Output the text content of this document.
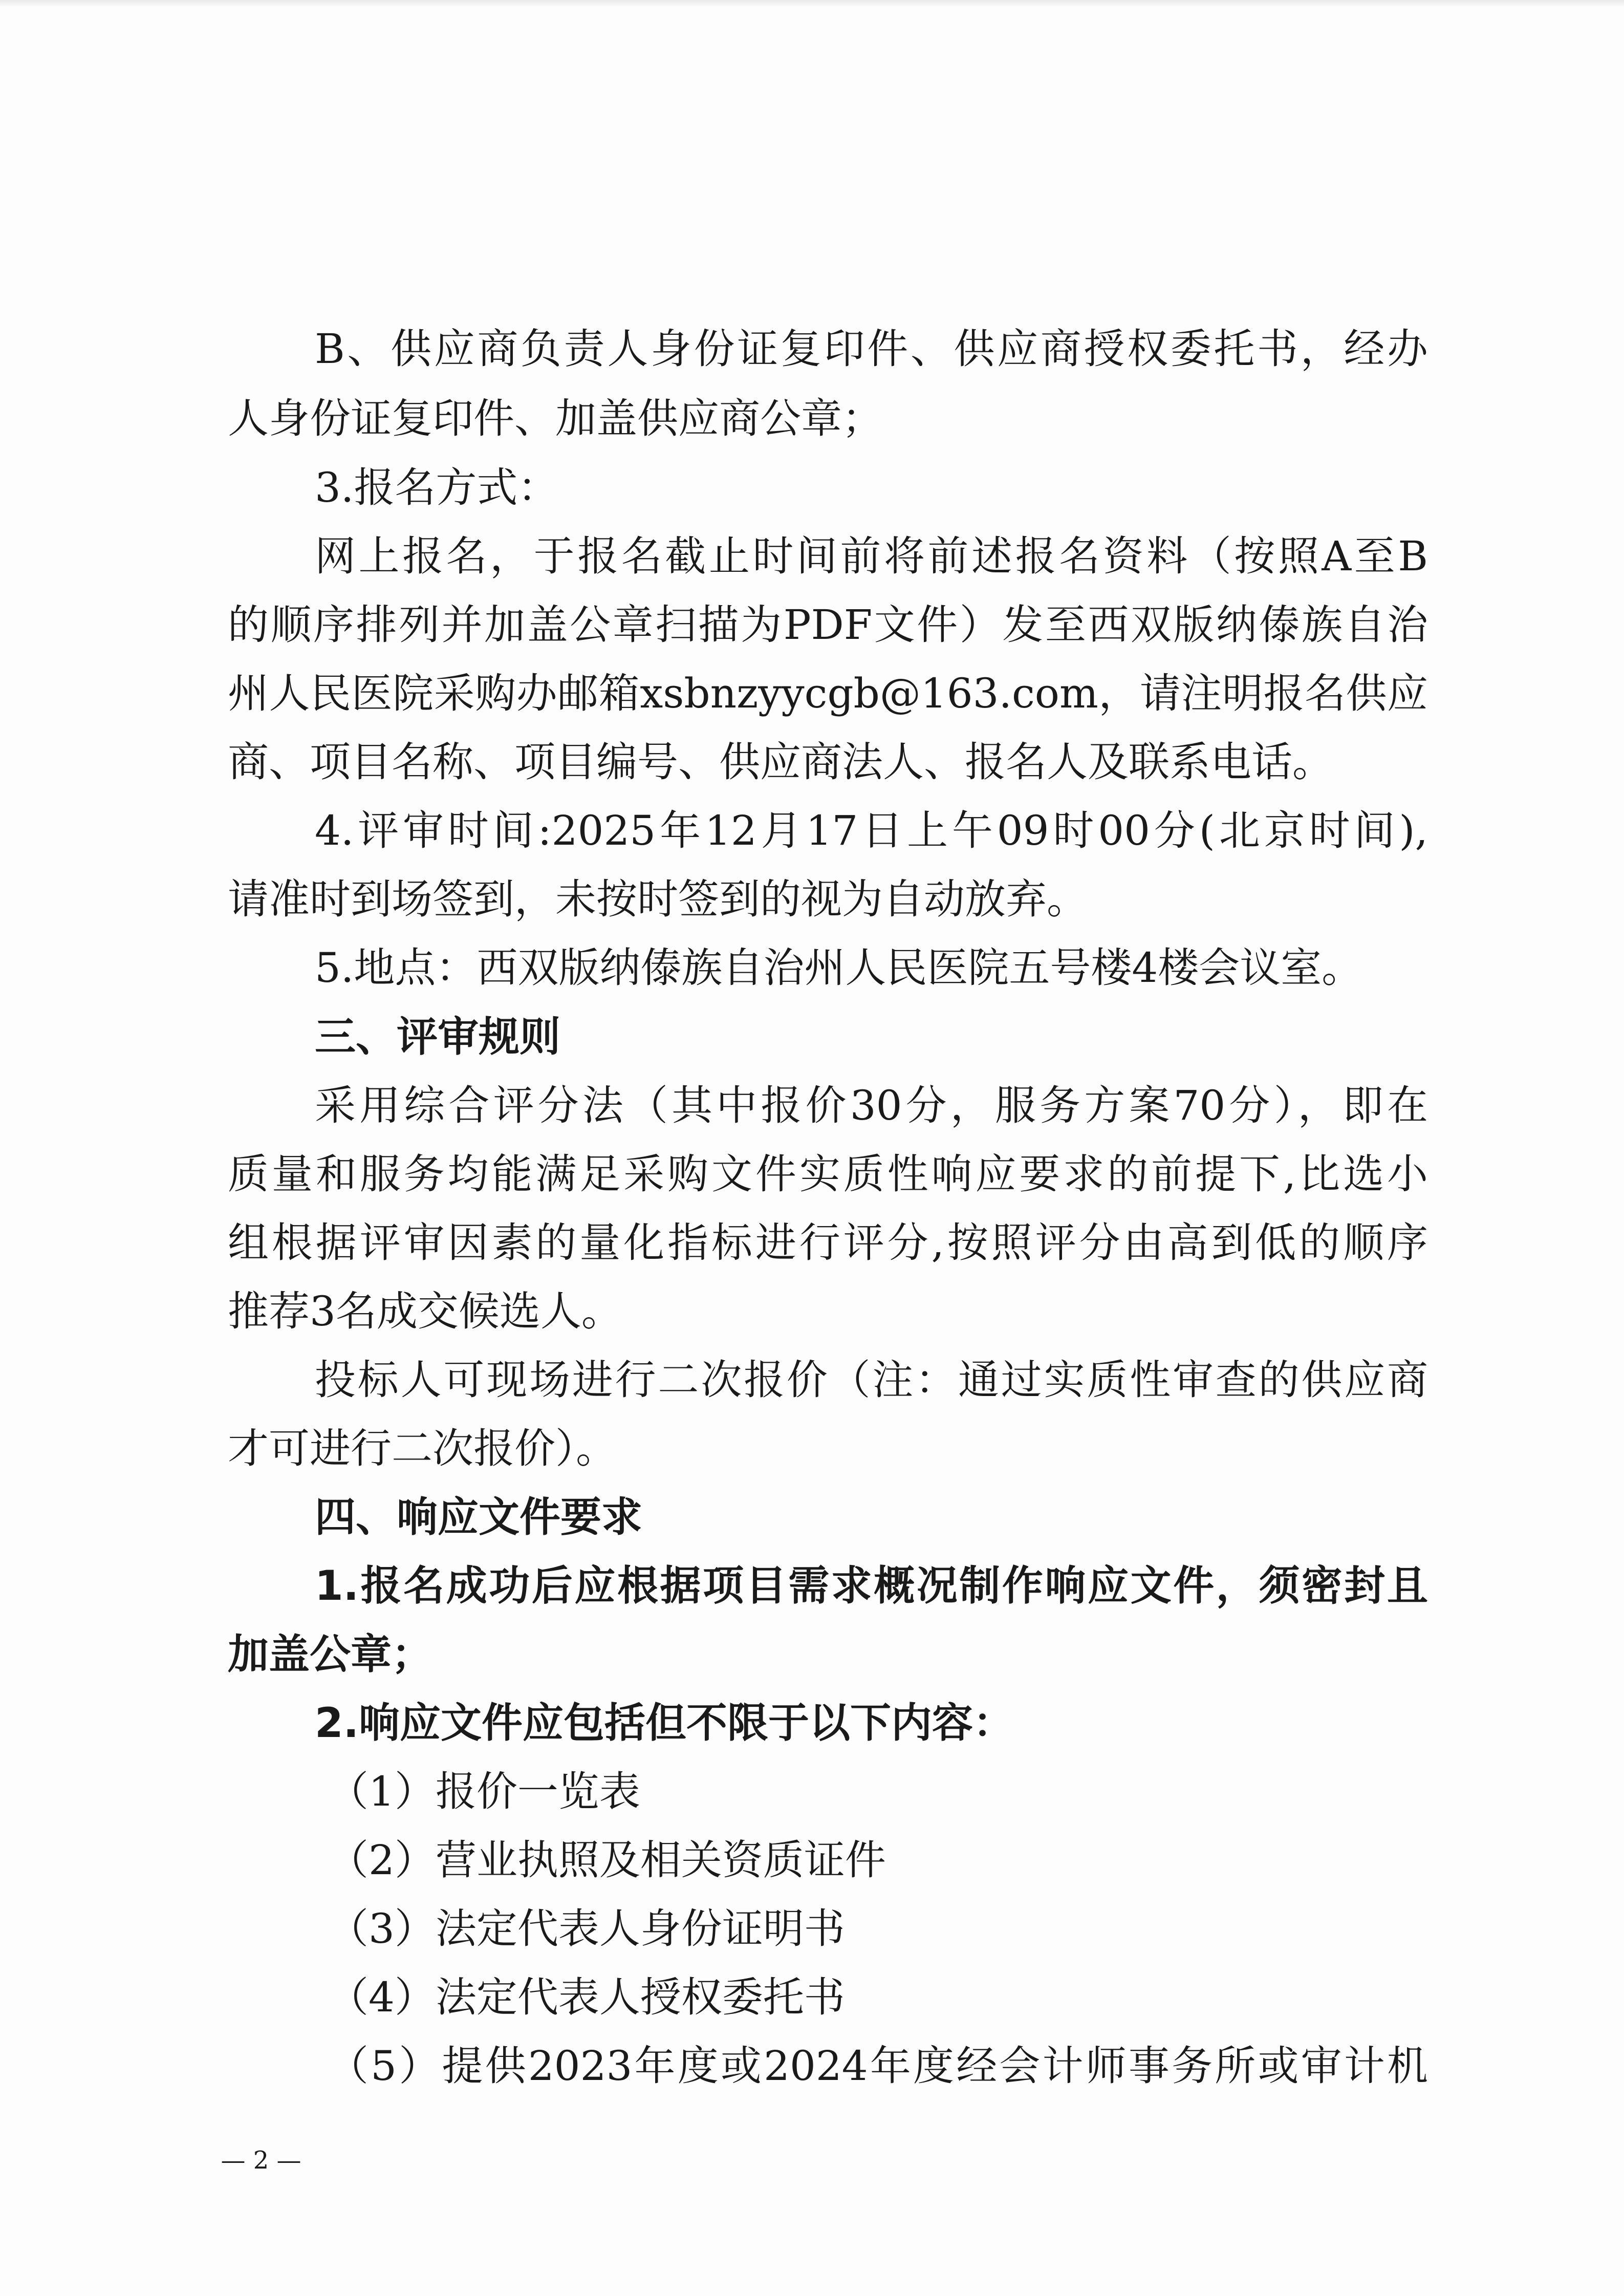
B、供应商负责人身份证复印件、供应商授权委托书，经办
人身份证复印件、加盖供应商公章；
3.报名方式：
网上报名，于报名截止时间前将前述报名资料（按照A至B
的顺序排列并加盖公章扫描为PDF文件）发至西双版纳傣族自治
州人民医院采购办邮箱xsbnzyycgb@163.com，请注明报名供应
商、项目名称、项目编号、供应商法人、报名人及联系电话。
4.评审时间:2025年12月17日上午09时00分(北京时间),
请准时到场签到，未按时签到的视为自动放弃。
5.地点：西双版纳傣族自治州人民医院五号楼4楼会议室。
三、评审规则
采用综合评分法（其中报价30分，服务方案70分），即在
质量和服务均能满足采购文件实质性响应要求的前提下,比选小
组根据评审因素的量化指标进行评分,按照评分由高到低的顺序
推荐3名成交候选人。
投标人可现场进行二次报价（注：通过实质性审查的供应商
才可进行二次报价）。
四、响应文件要求
1.报名成功后应根据项目需求概况制作响应文件，须密封且
加盖公章；
2.响应文件应包括但不限于以下内容：
（1）报价一览表
（2）营业执照及相关资质证件
（3）法定代表人身份证明书
（4）法定代表人授权委托书
（5）提供2023年度或2024年度经会计师事务所或审计机
— 2 —
